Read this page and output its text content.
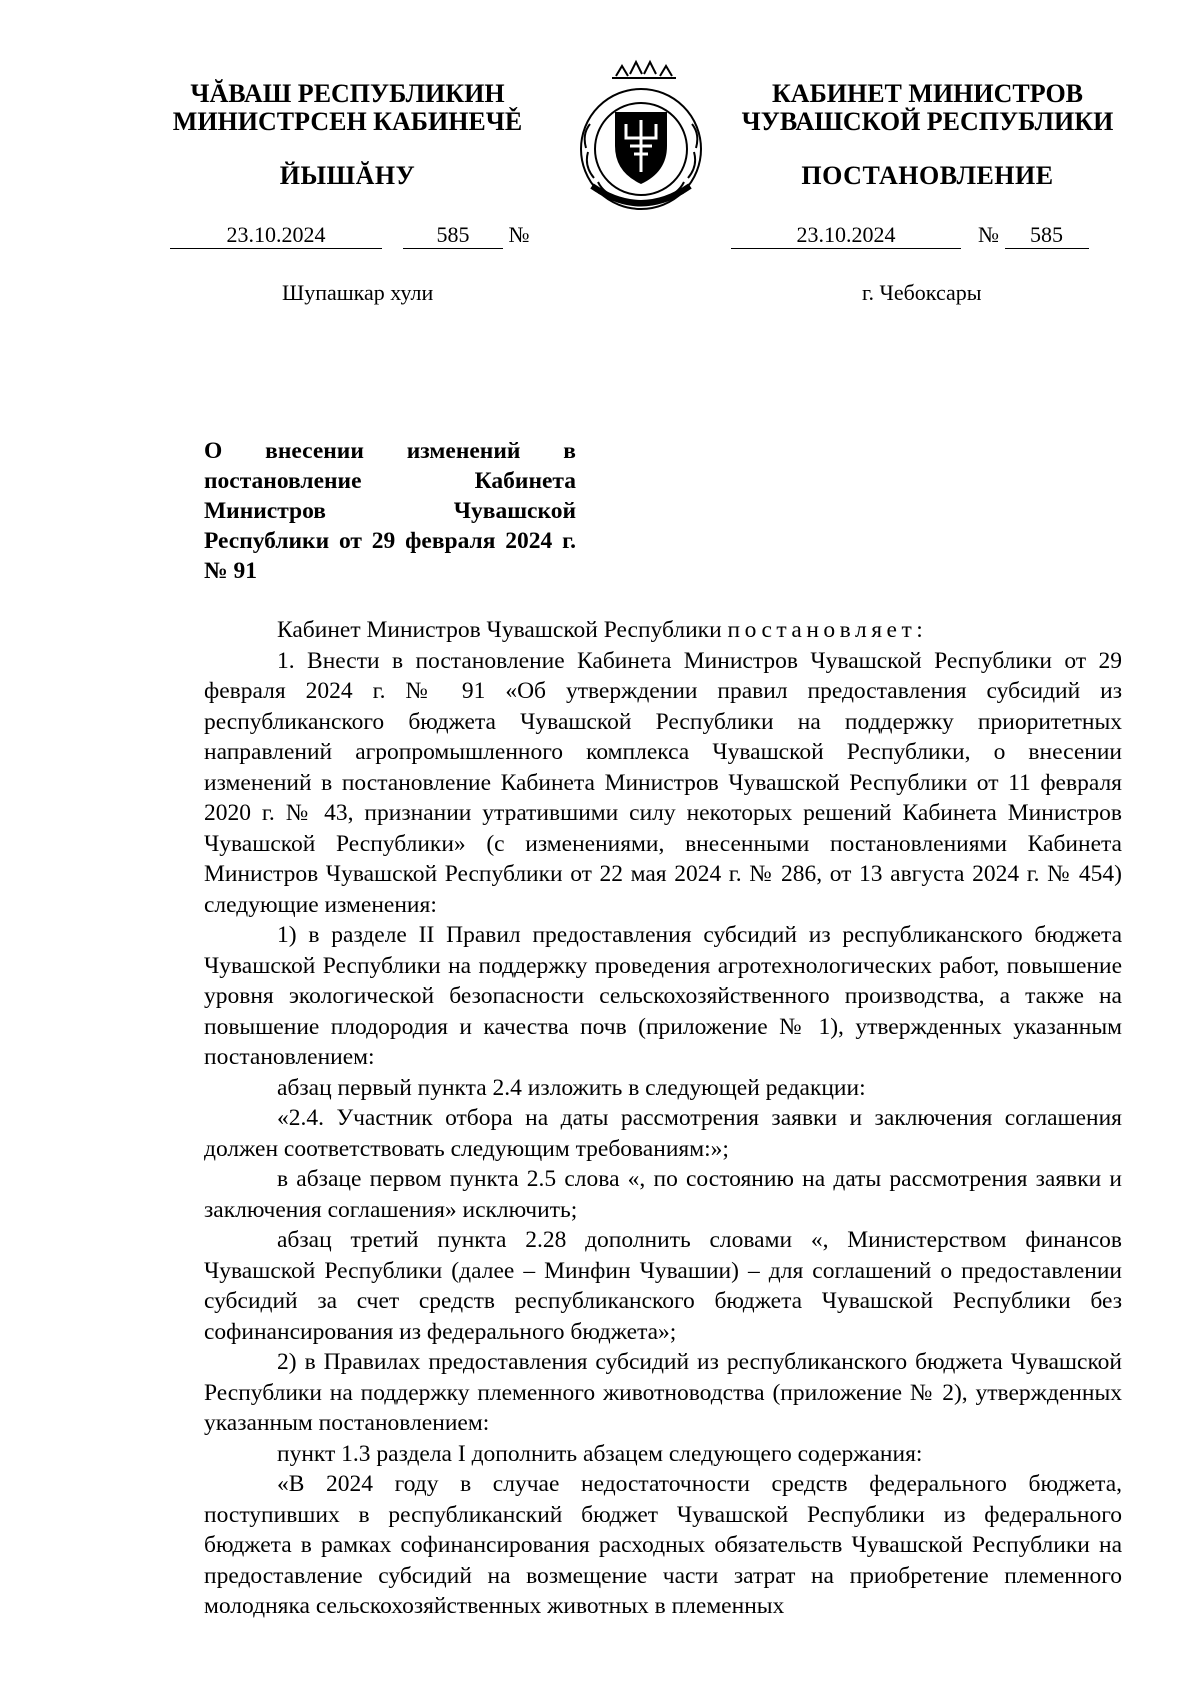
ЧĂВАШ РЕСПУБЛИКИН
МИНИСТРСЕН КАБИНЕЧĚ
ЙЫШĂНУ
КАБИНЕТ МИНИСТРОВ
ЧУВАШСКОЙ РЕСПУБЛИКИ
ПОСТАНОВЛЕНИЕ
23.10.2024	585 №	23.10.2024	№ 585
Шупашкар хули	г. Чебоксары
О внесении изменений в постановление Кабинета Министров Чувашской Республики от 29 февраля 2024 г. № 91

Кабинет Министров Чувашской Республики постановляет:

1. Внести в постановление Кабинета Министров Чувашской Республики от 29 февраля 2024 г. № 91 «Об утверждении правил предоставления субсидий из республиканского бюджета Чувашской Республики на поддержку приоритетных направлений агропромышленного комплекса Чувашской Республики, о внесении изменений в постановление Кабинета Министров Чувашской Республики от 11 февраля 2020 г. № 43, признании утратившими силу некоторых решений Кабинета Министров Чувашской Республики» (с изменениями, внесенными постановлениями Кабинета Министров Чувашской Республики от 22 мая 2024 г. № 286, от 13 августа 2024 г. № 454) следующие изменения:

1) в разделе II Правил предоставления субсидий из республиканского бюджета Чувашской Республики на поддержку проведения агротехнологических работ, повышение уровня экологической безопасности сельскохозяйственного производства, а также на повышение плодородия и качества почв (приложение № 1), утвержденных указанным постановлением:

абзац первый пункта 2.4 изложить в следующей редакции:

«2.4. Участник отбора на даты рассмотрения заявки и заключения соглашения должен соответствовать следующим требованиям:»;

в абзаце первом пункта 2.5 слова «, по состоянию на даты рассмотрения заявки и заключения соглашения» исключить;

абзац третий пункта 2.28 дополнить словами «, Министерством финансов Чувашской Республики (далее – Минфин Чувашии) – для соглашений о предоставлении субсидий за счет средств республиканского бюджета Чувашской Республики без софинансирования из федерального бюджета»;

2) в Правилах предоставления субсидий из республиканского бюджета Чувашской Республики на поддержку племенного животноводства (приложение № 2), утвержденных указанным постановлением:

пункт 1.3 раздела I дополнить абзацем следующего содержания:

«В 2024 году в случае недостаточности средств федерального бюджета, поступивших в республиканский бюджет Чувашской Республики из федерального бюджета в рамках софинансирования расходных обязательств Чувашской Республики на предоставление субсидий на возмещение части затрат на приобретение племенного молодняка сельскохозяйственных животных в племенных
